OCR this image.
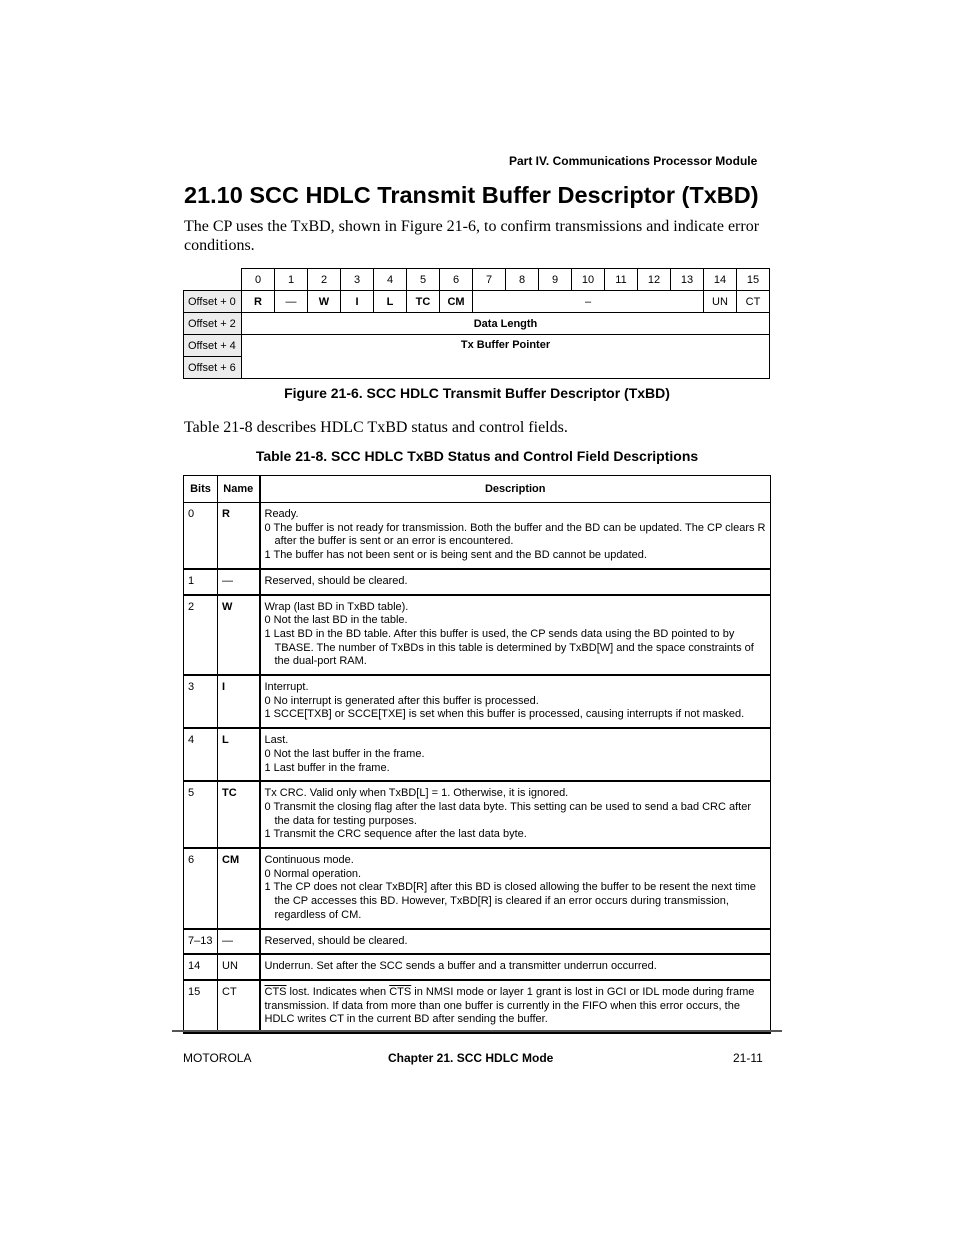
Part IV. Communications Processor Module
21.10 SCC HDLC Transmit Buffer Descriptor (TxBD)
The CP uses the TxBD, shown in Figure 21-6, to confirm transmissions and indicate error conditions.
	0	1	2	3	4	5	6	7	8	9	10	11	12	13	14	15
Offset + 0	R	—	W	I	L	TC	CM	–							UN	CT
Offset + 2	Data Length															
Offset + 4	Tx Buffer Pointer															
Offset + 6																
Figure 21-6. SCC HDLC Transmit Buffer Descriptor (TxBD)
Table 21-8 describes HDLC TxBD status and control fields.
Table 21-8. SCC HDLC TxBD Status and Control Field Descriptions
Bits	Name	Description
0	R	Ready.
0 The buffer is not ready for transmission. Both the buffer and the BD can be updated. The CP clears R after the buffer is sent or an error is encountered.
1 The buffer has not been sent or is being sent and the BD cannot be updated.

1	—	Reserved, should be cleared.

2	W	Wrap (last BD in TxBD table).
0 Not the last BD in the table.
1 Last BD in the BD table. After this buffer is used, the CP sends data using the BD pointed to by TBASE. The number of TxBDs in this table is determined by TxBD[W] and the space constraints of the dual-port RAM.

3	I	Interrupt.
0 No interrupt is generated after this buffer is processed.
1 SCCE[TXB] or SCCE[TXE] is set when this buffer is processed, causing interrupts if not masked.

4	L	Last.
0 Not the last buffer in the frame.
1 Last buffer in the frame.

5	TC	Tx CRC. Valid only when TxBD[L] = 1. Otherwise, it is ignored.
0 Transmit the closing flag after the last data byte. This setting can be used to send a bad CRC after the data for testing purposes.
1 Transmit the CRC sequence after the last data byte.

6	CM	Continuous mode.
0 Normal operation.
1 The CP does not clear TxBD[R] after this BD is closed allowing the buffer to be resent the next time the CP accesses this BD. However, TxBD[R] is cleared if an error occurs during transmission, regardless of CM.

7–13	—	Reserved, should be cleared.

14	UN	Underrun. Set after the SCC sends a buffer and a transmitter underrun occurred.

15	CT	$\overline{CTS}$ lost. Indicates when $\overline{CTS}$ in NMSI mode or layer 1 grant is lost in GCI or IDL mode during frame transmission. If data from more than one buffer is currently in the FIFO when this error occurs, the HDLC writes CT in the current BD after sending the buffer.
MOTOROLA	Chapter 21. SCC HDLC Mode	21-11
